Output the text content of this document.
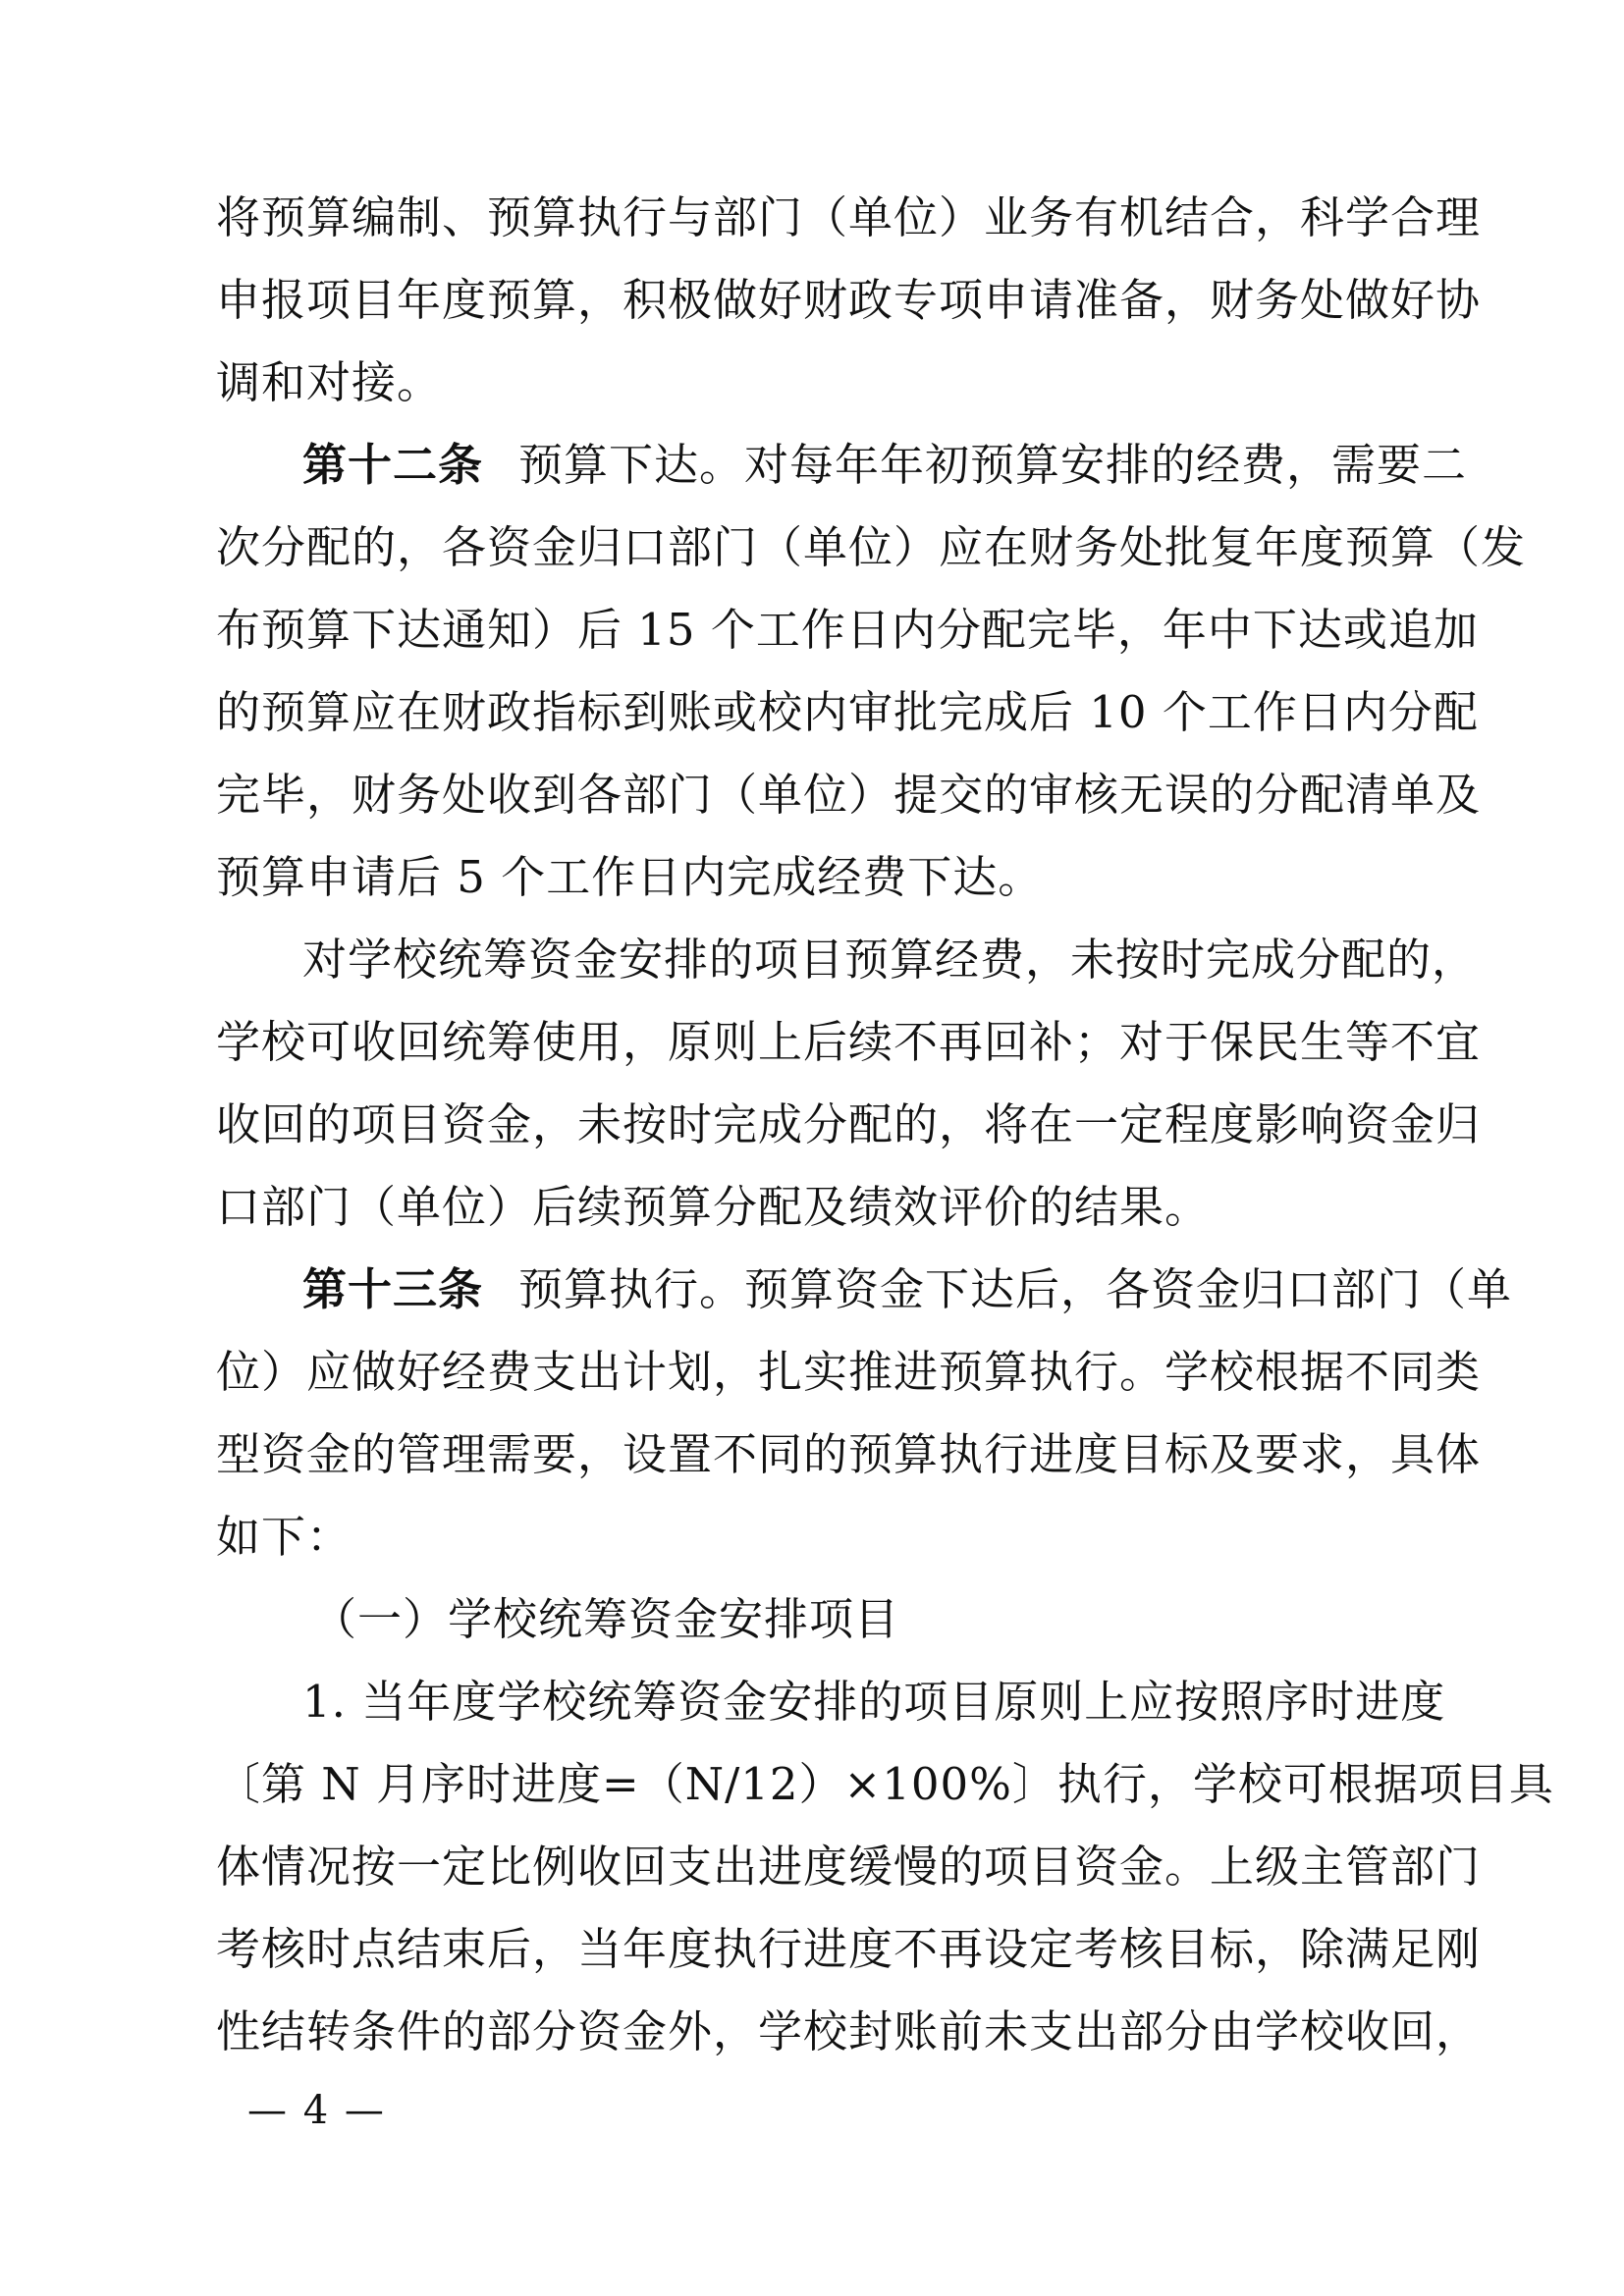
将预算编制、预算执行与部门（单位）业务有机结合，科学合理
申报项目年度预算，积极做好财政专项申请准备，财务处做好协
调和对接。
第十二条 预算下达。对每年年初预算安排的经费，需要二
次分配的，各资金归口部门（单位）应在财务处批复年度预算（发
布预算下达通知）后 15 个工作日内分配完毕，年中下达或追加
的预算应在财政指标到账或校内审批完成后 10 个工作日内分配
完毕，财务处收到各部门（单位）提交的审核无误的分配清单及
预算申请后 5 个工作日内完成经费下达。
对学校统筹资金安排的项目预算经费，未按时完成分配的，
学校可收回统筹使用，原则上后续不再回补；对于保民生等不宜
收回的项目资金，未按时完成分配的，将在一定程度影响资金归
口部门（单位）后续预算分配及绩效评价的结果。
第十三条 预算执行。预算资金下达后，各资金归口部门（单
位）应做好经费支出计划，扎实推进预算执行。学校根据不同类
型资金的管理需要，设置不同的预算执行进度目标及要求，具体
如下：
（一）学校统筹资金安排项目
1. 当年度学校统筹资金安排的项目原则上应按照序时进度
〔第 N 月序时进度=（N/12）×100%〕执行，学校可根据项目具
体情况按一定比例收回支出进度缓慢的项目资金。上级主管部门
考核时点结束后，当年度执行进度不再设定考核目标，除满足刚
性结转条件的部分资金外，学校封账前未支出部分由学校收回，
— 4 —
